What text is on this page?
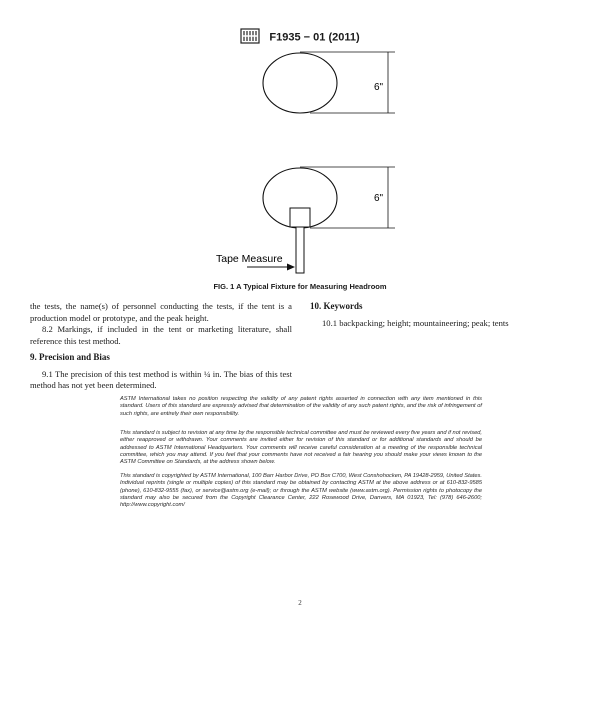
F1935 − 01 (2011)
6"
6"
Tape Measure
FIG. 1 A Typical Fixture for Measuring Headroom

the tests, the name(s) of personnel conducting the tests, if the tent is a production model or prototype, and the peak height.

8.2 Markings, if included in the tent or marketing literature, shall reference this test method.

9. Precision and Bias

9.1 The precision of this test method is within ¼ in. The bias of this test method has not yet been determined.

10. Keywords

10.1 backpacking; height; mountaineering; peak; tents

ASTM International takes no position respecting the validity of any patent rights asserted in connection with any item mentioned in this standard. Users of this standard are expressly advised that determination of the validity of any such patent rights, and the risk of infringement of such rights, are entirely their own responsibility.
This standard is subject to revision at any time by the responsible technical committee and must be reviewed every five years and if not revised, either reapproved or withdrawn. Your comments are invited either for revision of this standard or for additional standards and should be addressed to ASTM International Headquarters. Your comments will receive careful consideration at a meeting of the responsible technical committee, which you may attend. If you feel that your comments have not received a fair hearing you should make your views known to the ASTM Committee on Standards, at the address shown below.
This standard is copyrighted by ASTM International, 100 Barr Harbor Drive, PO Box C700, West Conshohocken, PA 19428-2959, United States. Individual reprints (single or multiple copies) of this standard may be obtained by contacting ASTM at the above address or at 610-832-9585 (phone), 610-832-9555 (fax), or service@astm.org (e-mail); or through the ASTM website (www.astm.org). Permission rights to photocopy the standard may also be secured from the Copyright Clearance Center, 222 Rosewood Drive, Danvers, MA 01923, Tel: (978) 646-2600; http://www.copyright.com/
2
